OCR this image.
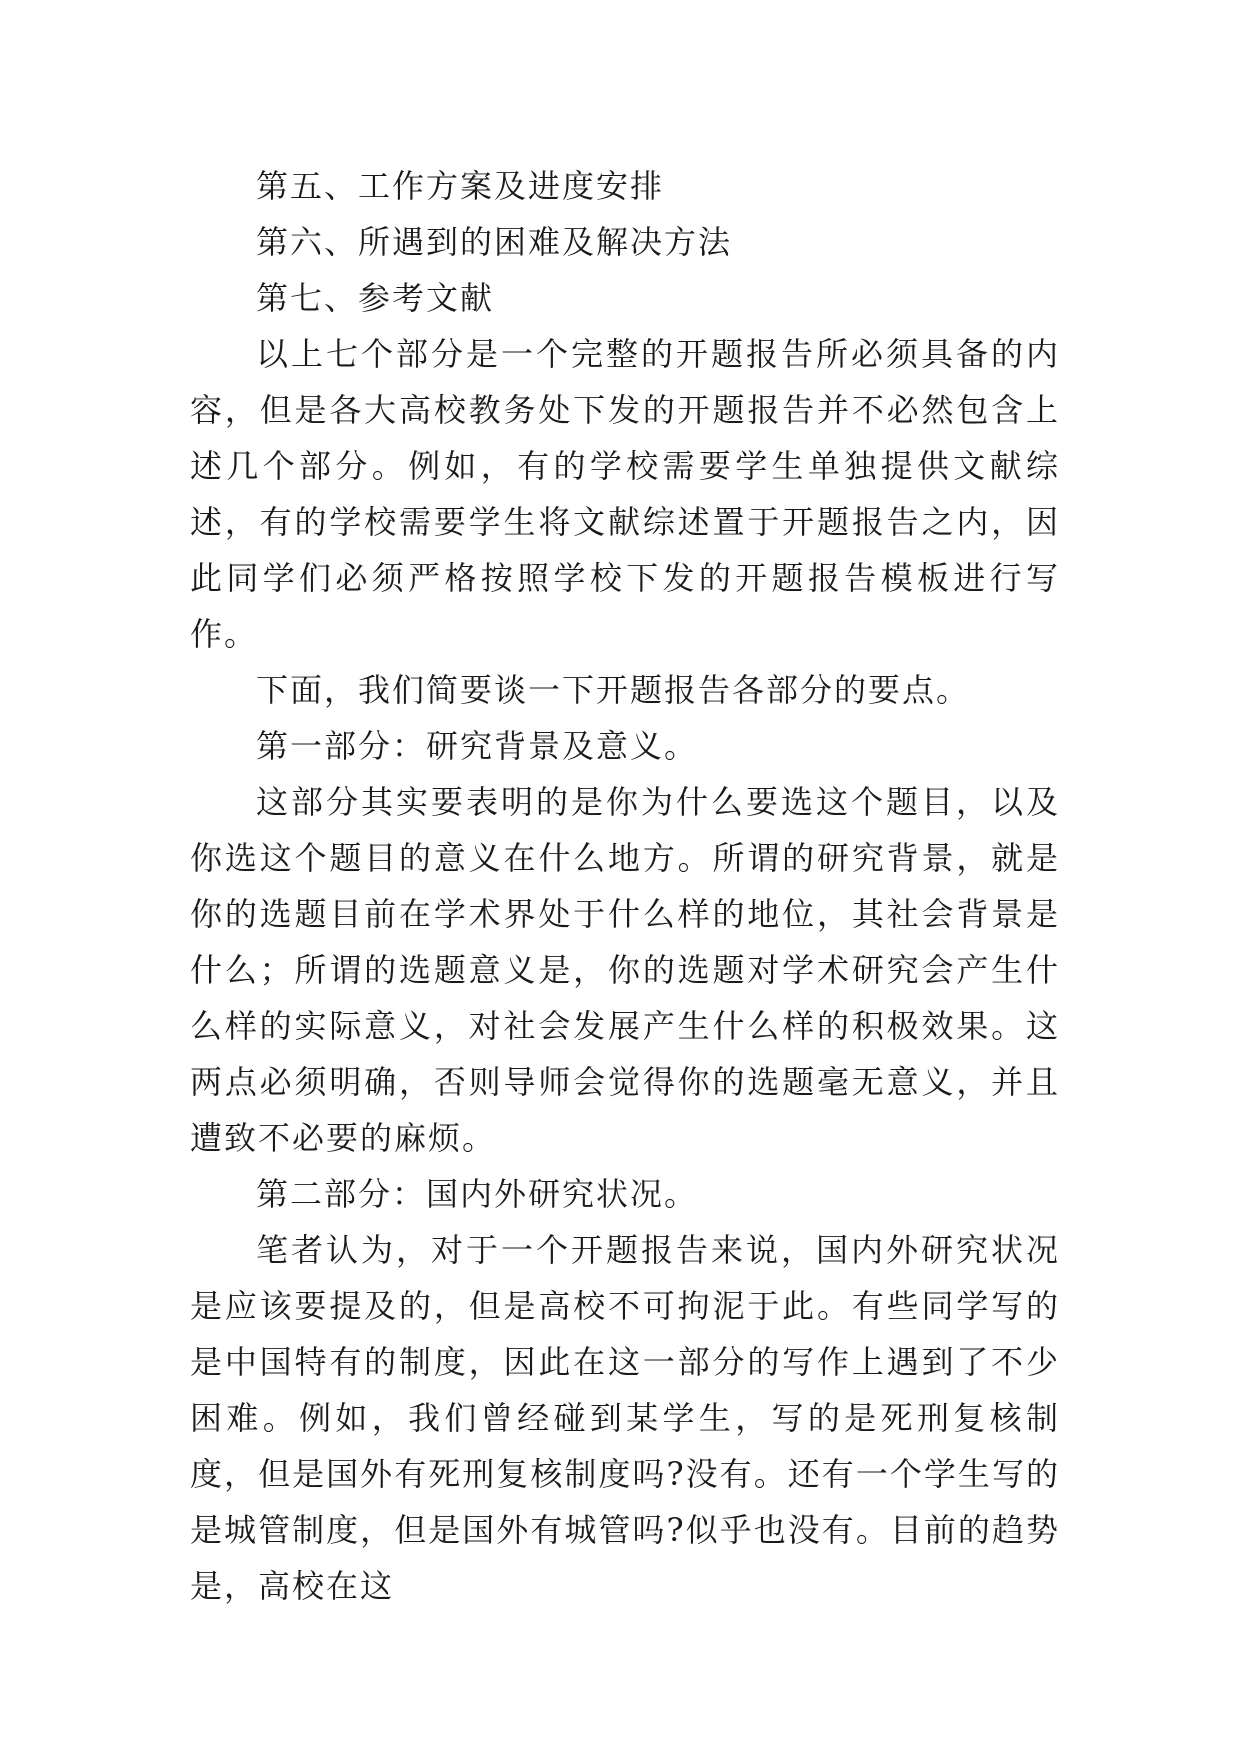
第五、工作方案及进度安排

第六、所遇到的困难及解决方法

第七、参考文献

以上七个部分是一个完整的开题报告所必须具备的内容，但是各大高校教务处下发的开题报告并不必然包含上述几个部分。例如，有的学校需要学生单独提供文献综述，有的学校需要学生将文献综述置于开题报告之内，因此同学们必须严格按照学校下发的开题报告模板进行写作。

下面，我们简要谈一下开题报告各部分的要点。

第一部分：研究背景及意义。

这部分其实要表明的是你为什么要选这个题目，以及你选这个题目的意义在什么地方。所谓的研究背景，就是你的选题目前在学术界处于什么样的地位，其社会背景是什么；所谓的选题意义是，你的选题对学术研究会产生什么样的实际意义，对社会发展产生什么样的积极效果。这两点必须明确，否则导师会觉得你的选题毫无意义，并且遭致不必要的麻烦。

第二部分：国内外研究状况。

笔者认为，对于一个开题报告来说，国内外研究状况是应该要提及的，但是高校不可拘泥于此。有些同学写的是中国特有的制度，因此在这一部分的写作上遇到了不少困难。例如，我们曾经碰到某学生，写的是死刑复核制度，但是国外有死刑复核制度吗?没有。还有一个学生写的是城管制度，但是国外有城管吗?似乎也没有。目前的趋势是，高校在这
